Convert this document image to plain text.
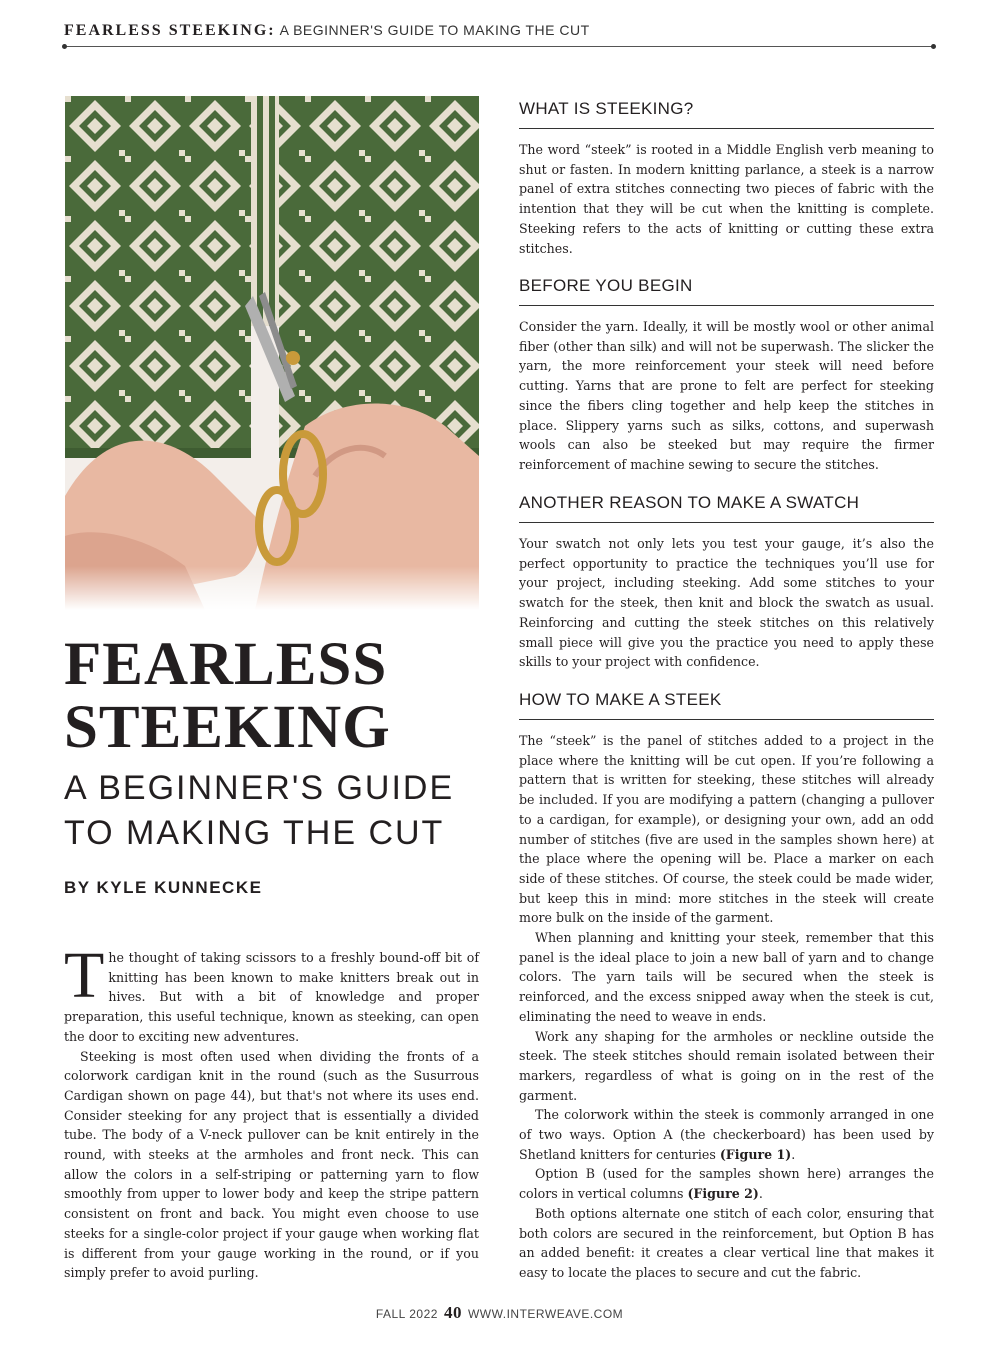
FEARLESS STEEKING: A BEGINNER'S GUIDE TO MAKING THE CUT
FEARLESS
STEEKING
A BEGINNER'S GUIDE
TO MAKING THE CUT
BY KYLE KUNNECKE

The thought of taking scissors to a freshly bound-off bit of knitting has been known to make knitters break out in hives. But with a bit of knowledge and proper preparation, this useful technique, known as steeking, can open the door to exciting new adventures.

Steeking is most often used when dividing the fronts of a colorwork cardigan knit in the round (such as the Susurrous Cardigan shown on page 44), but that's not where its uses end. Consider steeking for any project that is essentially a divided tube. The body of a V-neck pullover can be knit entirely in the round, with steeks at the armholes and front neck. This can allow the colors in a self-striping or patterning yarn to flow smoothly from upper to lower body and keep the stripe pattern consistent on front and back. You might even choose to use steeks for a single-color project if your gauge when working flat is different from your gauge working in the round, or if you simply prefer to avoid purling.

WHAT IS STEEKING?

The word “steek” is rooted in a Middle English verb meaning to shut or fasten. In modern knitting parlance, a steek is a narrow panel of extra stitches connecting two pieces of fabric with the intention that they will be cut when the knitting is complete. Steeking refers to the acts of knitting or cutting these extra stitches.

BEFORE YOU BEGIN

Consider the yarn. Ideally, it will be mostly wool or other animal fiber (other than silk) and will not be superwash. The slicker the yarn, the more reinforcement your steek will need before cutting. Yarns that are prone to felt are perfect for steeking since the fibers cling together and help keep the stitches in place. Slippery yarns such as silks, cottons, and superwash wools can also be steeked but may require the firmer reinforcement of machine sewing to secure the stitches.

ANOTHER REASON TO MAKE A SWATCH

Your swatch not only lets you test your gauge, it’s also the perfect opportunity to practice the techniques you’ll use for your project, including steeking. Add some stitches to your swatch for the steek, then knit and block the swatch as usual. Reinforcing and cutting the steek stitches on this relatively small piece will give you the practice you need to apply these skills to your project with confidence.

HOW TO MAKE A STEEK

The “steek” is the panel of stitches added to a project in the place where the knitting will be cut open. If you’re following a pattern that is written for steeking, these stitches will already be included. If you are modifying a pattern (changing a pullover to a cardigan, for example), or designing your own, add an odd number of stitches (five are used in the samples shown here) at the place where the opening will be. Place a marker on each side of these stitches. Of course, the steek could be made wider, but keep this in mind: more stitches in the steek will create more bulk on the inside of the garment.

When planning and knitting your steek, remember that this panel is the ideal place to join a new ball of yarn and to change colors. The yarn tails will be secured when the steek is reinforced, and the excess snipped away when the steek is cut, eliminating the need to weave in ends.

Work any shaping for the armholes or neckline outside the steek. The steek stitches should remain isolated between their markers, regardless of what is going on in the rest of the garment.

The colorwork within the steek is commonly arranged in one of two ways. Option A (the checkerboard) has been used by Shetland knitters for centuries (Figure 1).

Option B (used for the samples shown here) arranges the colors in vertical columns (Figure 2).

Both options alternate one stitch of each color, ensuring that both colors are secured in the reinforcement, but Option B has an added benefit: it creates a clear vertical line that makes it easy to locate the places to secure and cut the fabric.

FALL 2022 40 WWW.INTERWEAVE.COM
